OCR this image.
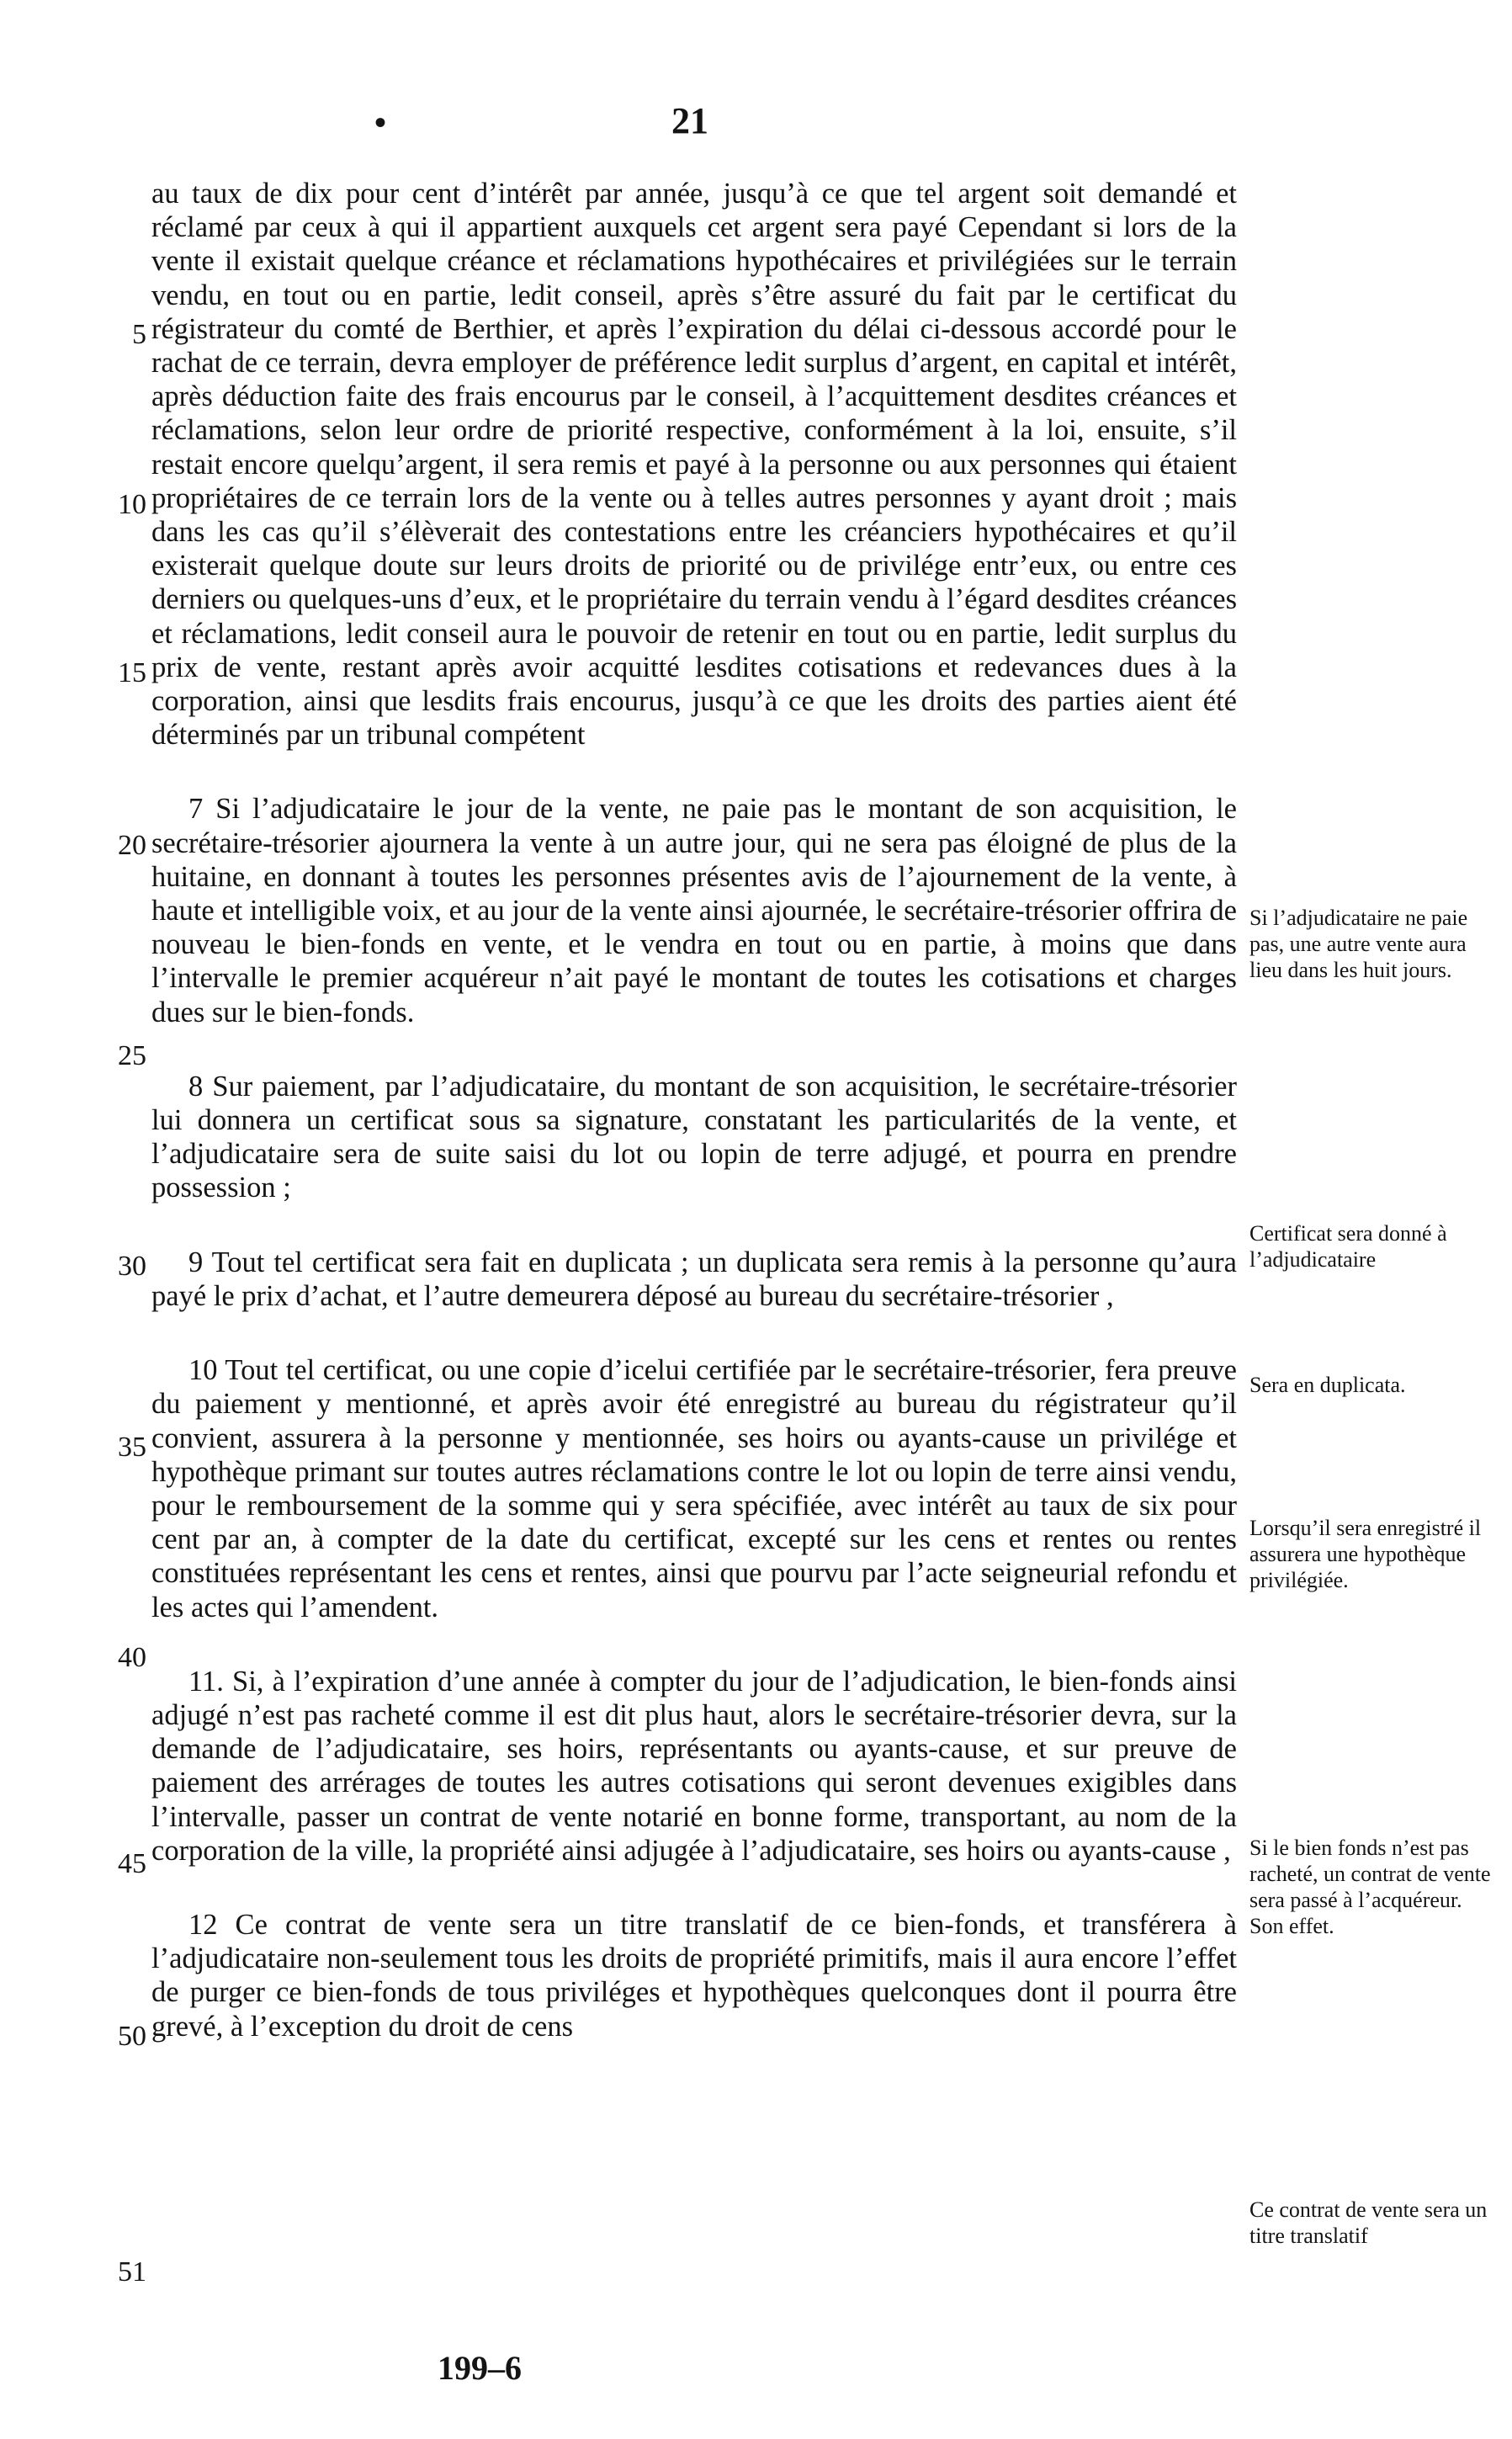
•	21

au taux de dix pour cent d’intérêt par année, jusqu’à ce que tel argent soit demandé et réclamé par ceux à qui il appartient auxquels cet argent sera payé Cependant si lors de la vente il existait quelque créance et réclamations hypothécaires et privilégiées sur le terrain vendu, en tout ou en partie, ledit conseil, après s’être assuré du fait par le certificat du régistrateur du comté de Berthier, et après l’expiration du délai ci-dessous accordé pour le rachat de ce terrain, devra employer de préférence ledit surplus d’argent, en capital et intérêt, après déduction faite des frais encourus par le conseil, à l’acquittement desdites créances et réclamations, selon leur ordre de priorité respective, conformément à la loi, ensuite, s’il restait encore quelqu’argent, il sera remis et payé à la personne ou aux personnes qui étaient propriétaires de ce terrain lors de la vente ou à telles autres personnes y ayant droit ; mais dans les cas qu’il s’élèverait des contestations entre les créanciers hypothécaires et qu’il existerait quelque doute sur leurs droits de priorité ou de privilége entr’eux, ou entre ces derniers ou quelques-uns d’eux, et le propriétaire du terrain vendu à l’égard desdites créances et réclamations, ledit conseil aura le pouvoir de retenir en tout ou en partie, ledit surplus du prix de vente, restant après avoir acquitté lesdites cotisations et redevances dues à la corporation, ainsi que lesdits frais encourus, jusqu’à ce que les droits des parties aient été déterminés par un tribunal compétent

7 Si l’adjudicataire le jour de la vente, ne paie pas le montant de son acquisition, le secrétaire-trésorier ajournera la vente à un autre jour, qui ne sera pas éloigné de plus de la huitaine, en donnant à toutes les personnes présentes avis de l’ajournement de la vente, à haute et intelligible voix, et au jour de la vente ainsi ajournée, le secrétaire-trésorier offrira de nouveau le bien-fonds en vente, et le vendra en tout ou en partie, à moins que dans l’intervalle le premier acquéreur n’ait payé le montant de toutes les cotisations et charges dues sur le bien-fonds.

8 Sur paiement, par l’adjudicataire, du montant de son acquisition, le secrétaire-trésorier lui donnera un certificat sous sa signature, constatant les particularités de la vente, et l’adjudicataire sera de suite saisi du lot ou lopin de terre adjugé, et pourra en prendre possession ;

9 Tout tel certificat sera fait en duplicata ; un duplicata sera remis à la personne qu’aura payé le prix d’achat, et l’autre demeurera déposé au bureau du secrétaire-trésorier ,

10 Tout tel certificat, ou une copie d’icelui certifiée par le secrétaire-trésorier, fera preuve du paiement y mentionné, et après avoir été enregistré au bureau du régistrateur qu’il convient, assurera à la personne y mentionnée, ses hoirs ou ayants-cause un privilége et hypothèque primant sur toutes autres réclamations contre le lot ou lopin de terre ainsi vendu, pour le remboursement de la somme qui y sera spécifiée, avec intérêt au taux de six pour cent par an, à compter de la date du certificat, excepté sur les cens et rentes ou rentes constituées représentant les cens et rentes, ainsi que pourvu par l’acte seigneurial refondu et les actes qui l’amendent.

11. Si, à l’expiration d’une année à compter du jour de l’adjudication, le bien-fonds ainsi adjugé n’est pas racheté comme il est dit plus haut, alors le secrétaire-trésorier devra, sur la demande de l’adjudicataire, ses hoirs, représentants ou ayants-cause, et sur preuve de paiement des arrérages de toutes les autres cotisations qui seront devenues exigibles dans l’intervalle, passer un contrat de vente notarié en bonne forme, transportant, au nom de la corporation de la ville, la propriété ainsi adjugée à l’adjudicataire, ses hoirs ou ayants-cause ,

12 Ce contrat de vente sera un titre translatif de ce bien-fonds, et transférera à l’adjudicataire non-seulement tous les droits de propriété primitifs, mais il aura encore l’effet de purger ce bien-fonds de tous priviléges et hypothèques quelconques dont il pourra être grevé, à l’exception du droit de cens

5
10
15
20
25
30
35
40
45
50
51
Si l’adjudicataire ne paie pas, une autre vente aura lieu dans les huit jours.
Certificat sera donné à l’adjudicataire
Sera en duplicata.
Lorsqu’il sera enregistré il assurera une hypothèque privilégiée.
Si le bien fonds n’est pas racheté, un contrat de vente sera passé à l’acquéreur. Son effet.
Ce contrat de vente sera un titre translatif
199–6
